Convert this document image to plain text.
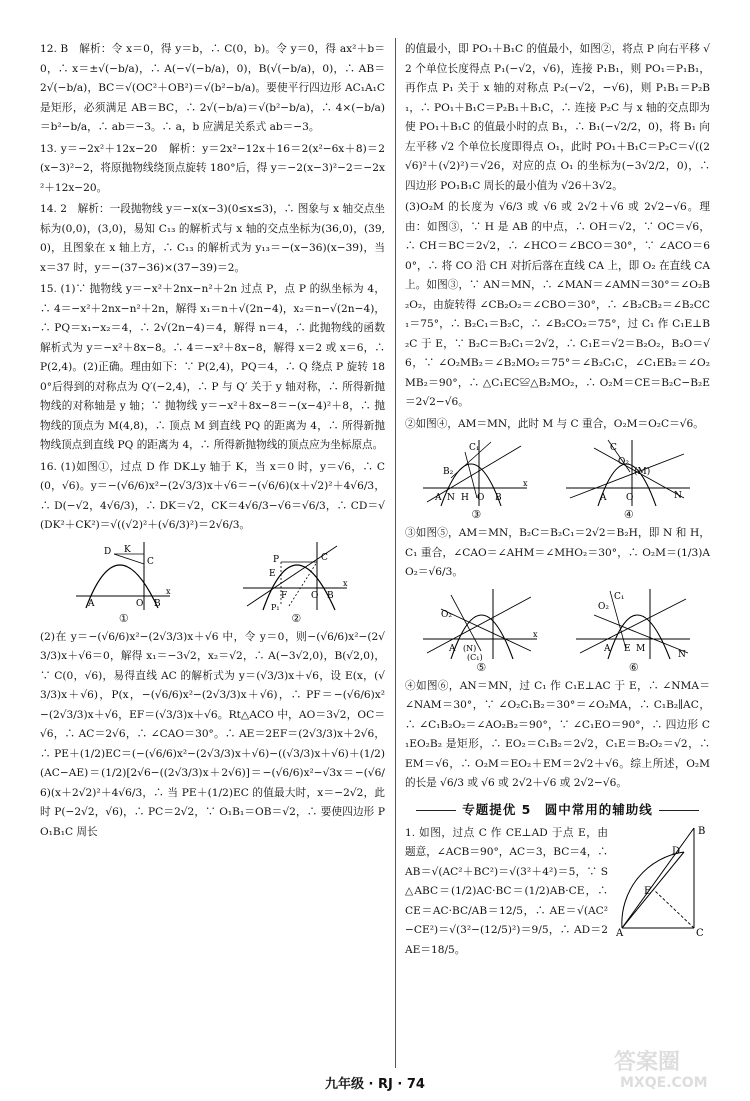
12. B　解析：令 x＝0，得 y＝b，∴ C(0，b)。令 y＝0，得 ax²＋b＝0，∴ x＝±√(−b/a)，∴ A(−√(−b/a)，0)，B(√(−b/a)，0)，∴ AB＝2√(−b/a)，BC＝√(OC²＋OB²)＝√(b²−b/a)。要使平行四边形 AC₁A₁C 是矩形，必须满足 AB＝BC，∴ 2√(−b/a)＝√(b²−b/a)，∴ 4×(−b/a)＝b²−b/a，∴ ab＝−3。∴ a，b 应满足关系式 ab＝−3。

13. y＝−2x²＋12x−20　解析：y＝2x²−12x＋16＝2(x²−6x＋8)＝2(x−3)²−2，将原抛物线绕顶点旋转 180°后，得 y＝−2(x−3)²−2＝−2x²＋12x−20。

14. 2　解析：一段抛物线 y＝−x(x−3)(0≤x≤3)，∴ 图象与 x 轴交点坐标为(0,0)，(3,0)，易知 C₁₃ 的解析式与 x 轴的交点坐标为(36,0)，(39,0)，且图象在 x 轴上方，∴ C₁₃ 的解析式为 y₁₃＝−(x−36)(x−39)，当 x＝37 时，y＝−(37−36)×(37−39)＝2。

15. (1)∵ 抛物线 y＝−x²＋2nx−n²＋2n 过点 P，点 P 的纵坐标为 4，∴ 4＝−x²＋2nx−n²＋2n，解得 x₁＝n＋√(2n−4)，x₂＝n−√(2n−4)，∴ PQ＝x₁−x₂＝4，∴ 2√(2n−4)＝4，解得 n＝4，∴ 此抛物线的函数解析式为 y＝−x²＋8x−8。∴ 4＝−x²＋8x−8，解得 x＝2 或 x＝6，∴ P(2,4)。(2)正确。理由如下：∵ P(2,4)，PQ＝4，∴ Q 绕点 P 旋转 180°后得到的对称点为 Q′(−2,4)，∴ P 与 Q′ 关于 y 轴对称，∴ 所得新抛物线的对称轴是 y 轴；∵ 抛物线 y＝−x²＋8x−8＝−(x−4)²＋8，∴ 抛物线的顶点为 M(4,8)，∴ 顶点 M 到直线 PQ 的距离为 4，∴ 所得新抛物线顶点到直线 PQ 的距离为 4，∴ 所得新抛物线的顶点应为坐标原点。

16. (1)如图①，过点 D 作 DK⊥y 轴于 K，当 x＝0 时，y＝√6，∴ C(0，√6)。y＝−(√6/6)x²−(2√3/3)x＋√6＝−(√6/6)(x＋√2)²＋4√6/3，∴ D(−√2，4√6/3)，∴ DK＝√2，CK＝4√6/3−√6＝√6/3，∴ CD＝√(DK²＋CK²)＝√((√2)²＋(√6/3)²)＝2√6/3。

D K
C
A	O B
x
①
P
E
F
C
O B
P₁
x
②

(2)在 y＝−(√6/6)x²−(2√3/3)x＋√6 中，令 y＝0，则−(√6/6)x²−(2√3/3)x＋√6＝0，解得 x₁＝−3√2，x₂＝√2，∴ A(−3√2,0)，B(√2,0)，∵ C(0，√6)，易得直线 AC 的解析式为 y＝(√3/3)x＋√6，设 E(x，(√3/3)x＋√6)，P(x，−(√6/6)x²−(2√3/3)x＋√6)，∴ PF＝−(√6/6)x²−(2√3/3)x＋√6，EF＝(√3/3)x＋√6。Rt△ACO 中，AO＝3√2，OC＝√6，∴ AC＝2√6，∴ ∠CAO＝30°。∴ AE＝2EF＝(2√3/3)x＋2√6，∴ PE＋(1/2)EC＝(−(√6/6)x²−(2√3/3)x＋√6)−((√3/3)x＋√6)＋(1/2)(AC−AE)＝(1/2)[2√6−((2√3/3)x＋2√6)]＝−(√6/6)x²−√3x＝−(√6/6)(x＋2√2)²＋4√6/3，∴ 当 PE＋(1/2)EC 的值最大时，x＝−2√2，此时 P(−2√2，√6)，∴ PC＝2√2，∵ O₁B₁＝OB＝√2，∴ 要使四边形 PO₁B₁C 周长

的值最小，即 PO₁＋B₁C 的值最小，如图②，将点 P 向右平移 √2 个单位长度得点 P₁(−√2，√6)，连接 P₁B₁，则 PO₁＝P₁B₁，再作点 P₁ 关于 x 轴的对称点 P₂(−√2，−√6)，则 P₁B₁＝P₂B₁，∴ PO₁＋B₁C＝P₂B₁＋B₁C，∴ 连接 P₂C 与 x 轴的交点即为使 PO₁＋B₁C 的值最小时的点 B₁，∴ B₁(−√2/2，0)，将 B₁ 向左平移 √2 个单位长度即得点 O₁，此时 PO₁＋B₁C＝P₂C＝√((2√6)²＋(√2)²)＝√26，对应的点 O₁ 的坐标为(−3√2/2，0)，∴ 四边形 PO₁B₁C 周长的最小值为 √26＋3√2。

(3)O₂M 的长度为 √6/3 或 √6 或 2√2＋√6 或 2√2−√6。理由：如图③，∵ H 是 AB 的中点，∴ OH＝√2，∵ OC＝√6，∴ CH＝BC＝2√2，∴ ∠HCO＝∠BCO＝30°，∵ ∠ACO＝60°，∴ 将 CO 沿 CH 对折后落在直线 CA 上，即 O₂ 在直线 CA 上。如图③，∵ AN＝MN，∴ ∠MAN＝∠AMN＝30°＝∠O₂B₂O₂，由旋转得 ∠CB₂O₂＝∠CBO＝30°，∴ ∠B₂CB₂＝∠B₂CC₁＝75°，∴ B₂C₁＝B₂C，∴ ∠B₂CO₂＝75°，过 C₁ 作 C₁E⊥B₂C 于 E，∵ B₂C＝B₂C₁＝2√2，∴ C₁E＝√2＝B₂O₂，B₂O＝√6，∵ ∠O₂MB₂＝∠B₂MO₂＝75°＝∠B₂C₁C，∠C₁EB₂＝∠O₂MB₂＝90°，∴ △C₁EC≌△B₂MO₂，∴ O₂M＝CE＝B₂C−B₂E＝2√2−√6。

②如图④，AM＝MN，此时 M 与 C 重合，O₂M＝O₂C＝√6。

C₁
B₂
A N H O B
x
③
C
O₂
(M)
A O	N
④

③如图⑤，AM＝MN，B₂C＝B₂C₁＝2√2＝B₂H，即 N 和 H，C₁ 重合，∠CAO＝∠AHM＝∠MHO₂＝30°，∴ O₂M＝(1/3)AO₂＝√6/3。

O₂
A (N)
(C₁)
x
⑤
O₂
C₁
A E M
N
⑥

④如图⑥，AN＝MN，过 C₁ 作 C₁E⊥AC 于 E，∴ ∠NMA＝∠NAM＝30°，∵ ∠O₂C₁B₂＝30°＝∠O₂MA，∴ C₁B₂∥AC，∴ ∠C₁B₂O₂＝∠AO₂B₂＝90°，∵ ∠C₁EO＝90°，∴ 四边形 C₁EO₂B₂ 是矩形，∴ EO₂＝C₁B₂＝2√2，C₁E＝B₂O₂＝√2，∴ EM＝√6，∴ O₂M＝EO₂＋EM＝2√2＋√6。综上所述，O₂M 的长是 √6/3 或 √6 或 2√2＋√6 或 2√2−√6。

专题提优 5　圆中常用的辅助线
B
D
E
A	C

1. 如图，过点 C 作 CE⊥AD 于点 E，由题意，∠ACB＝90°，AC＝3，BC＝4，∴ AB＝√(AC²＋BC²)＝√(3²＋4²)＝5，∵ S△ABC＝(1/2)AC·BC＝(1/2)AB·CE，∴ CE＝AC·BC/AB＝12/5，∴ AE＝√(AC²−CE²)＝√(3²−(12/5)²)＝9/5，∴ AD＝2AE＝18/5。

答案圈
MXQE.COM
九年级 · RJ · 74
